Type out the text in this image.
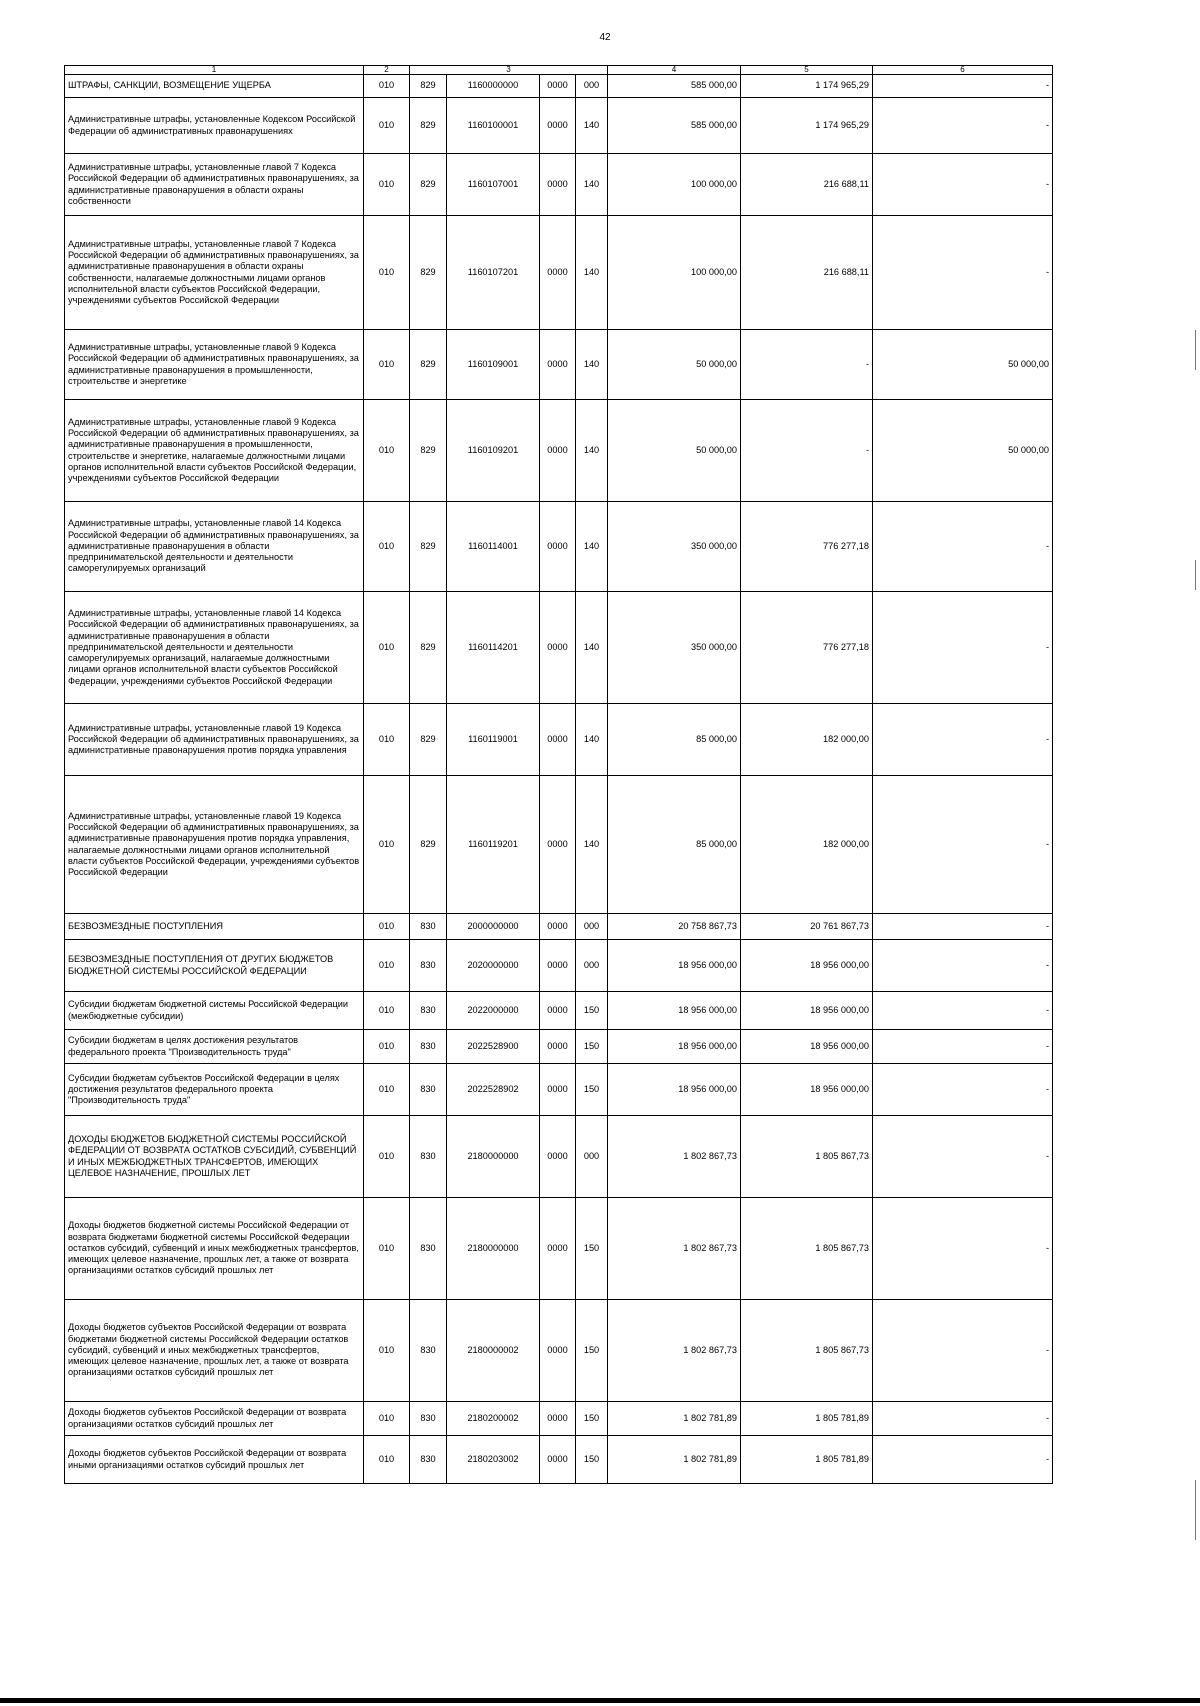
42
1	2	3				4	5	6
ШТРАФЫ, САНКЦИИ, ВОЗМЕЩЕНИЕ УЩЕРБА	010	829	1160000000	0000	000	585 000,00	1 174 965,29	-
Административные штрафы, установленные Кодексом Российской Федерации об административных правонарушениях	010	829	1160100001	0000	140	585 000,00	1 174 965,29	-
Административные штрафы, установленные главой 7 Кодекса Российской Федерации об административных правонарушениях, за административные правонарушения в области охраны собственности	010	829	1160107001	0000	140	100 000,00	216 688,11	-
Административные штрафы, установленные главой 7 Кодекса Российской Федерации об административных правонарушениях, за административные правонарушения в области охраны собственности, налагаемые должностными лицами органов исполнительной власти субъектов Российской Федерации, учреждениями субъектов Российской Федерации	010	829	1160107201	0000	140	100 000,00	216 688,11	-
Административные штрафы, установленные главой 9 Кодекса Российской Федерации об административных правонарушениях, за административные правонарушения в промышленности, строительстве и энергетике	010	829	1160109001	0000	140	50 000,00	-	50 000,00
Административные штрафы, установленные главой 9 Кодекса Российской Федерации об административных правонарушениях, за административные правонарушения в промышленности, строительстве и энергетике, налагаемые должностными лицами органов исполнительной власти субъектов Российской Федерации, учреждениями субъектов Российской Федерации	010	829	1160109201	0000	140	50 000,00	-	50 000,00
Административные штрафы, установленные главой 14 Кодекса Российской Федерации об административных правонарушениях, за административные правонарушения в области предпринимательской деятельности и деятельности саморегулируемых организаций	010	829	1160114001	0000	140	350 000,00	776 277,18	-
Административные штрафы, установленные главой 14 Кодекса Российской Федерации об административных правонарушениях, за административные правонарушения в области предпринимательской деятельности и деятельности саморегулируемых организаций, налагаемые должностными лицами органов исполнительной власти субъектов Российской Федерации, учреждениями субъектов Российской Федерации	010	829	1160114201	0000	140	350 000,00	776 277,18	-
Административные штрафы, установленные главой 19 Кодекса Российской Федерации об административных правонарушениях, за административные правонарушения против порядка управления	010	829	1160119001	0000	140	85 000,00	182 000,00	-
Административные штрафы, установленные главой 19 Кодекса Российской Федерации об административных правонарушениях, за административные правонарушения против порядка управления, налагаемые должностными лицами органов исполнительной власти субъектов Российской Федерации, учреждениями субъектов Российской Федерации	010	829	1160119201	0000	140	85 000,00	182 000,00	-
БЕЗВОЗМЕЗДНЫЕ ПОСТУПЛЕНИЯ	010	830	2000000000	0000	000	20 758 867,73	20 761 867,73	-
БЕЗВОЗМЕЗДНЫЕ ПОСТУПЛЕНИЯ ОТ ДРУГИХ БЮДЖЕТОВ БЮДЖЕТНОЙ СИСТЕМЫ РОССИЙСКОЙ ФЕДЕРАЦИИ	010	830	2020000000	0000	000	18 956 000,00	18 956 000,00	-
Субсидии бюджетам бюджетной системы Российской Федерации (межбюджетные субсидии)	010	830	2022000000	0000	150	18 956 000,00	18 956 000,00	-
Субсидии бюджетам в целях достижения результатов федерального проекта "Производительность труда"	010	830	2022528900	0000	150	18 956 000,00	18 956 000,00	-
Субсидии бюджетам субъектов Российской Федерации в целях достижения результатов федерального проекта "Производительность труда"	010	830	2022528902	0000	150	18 956 000,00	18 956 000,00	-
ДОХОДЫ БЮДЖЕТОВ БЮДЖЕТНОЙ СИСТЕМЫ РОССИЙСКОЙ ФЕДЕРАЦИИ ОТ ВОЗВРАТА ОСТАТКОВ СУБСИДИЙ, СУБВЕНЦИЙ И ИНЫХ МЕЖБЮДЖЕТНЫХ ТРАНСФЕРТОВ, ИМЕЮЩИХ ЦЕЛЕВОЕ НАЗНАЧЕНИЕ, ПРОШЛЫХ ЛЕТ	010	830	2180000000	0000	000	1 802 867,73	1 805 867,73	-
Доходы бюджетов бюджетной системы Российской Федерации от возврата бюджетами бюджетной системы Российской Федерации остатков субсидий, субвенций и иных межбюджетных трансфертов, имеющих целевое назначение, прошлых лет, а также от возврата организациями остатков субсидий прошлых лет	010	830	2180000000	0000	150	1 802 867,73	1 805 867,73	-
Доходы бюджетов субъектов Российской Федерации от возврата бюджетами бюджетной системы Российской Федерации остатков субсидий, субвенций и иных межбюджетных трансфертов, имеющих целевое назначение, прошлых лет, а также от возврата организациями остатков субсидий прошлых лет	010	830	2180000002	0000	150	1 802 867,73	1 805 867,73	-
Доходы бюджетов субъектов Российской Федерации от возврата организациями остатков субсидий прошлых лет	010	830	2180200002	0000	150	1 802 781,89	1 805 781,89	-
Доходы бюджетов субъектов Российской Федерации от возврата иными организациями остатков субсидий прошлых лет	010	830	2180203002	0000	150	1 802 781,89	1 805 781,89	-
